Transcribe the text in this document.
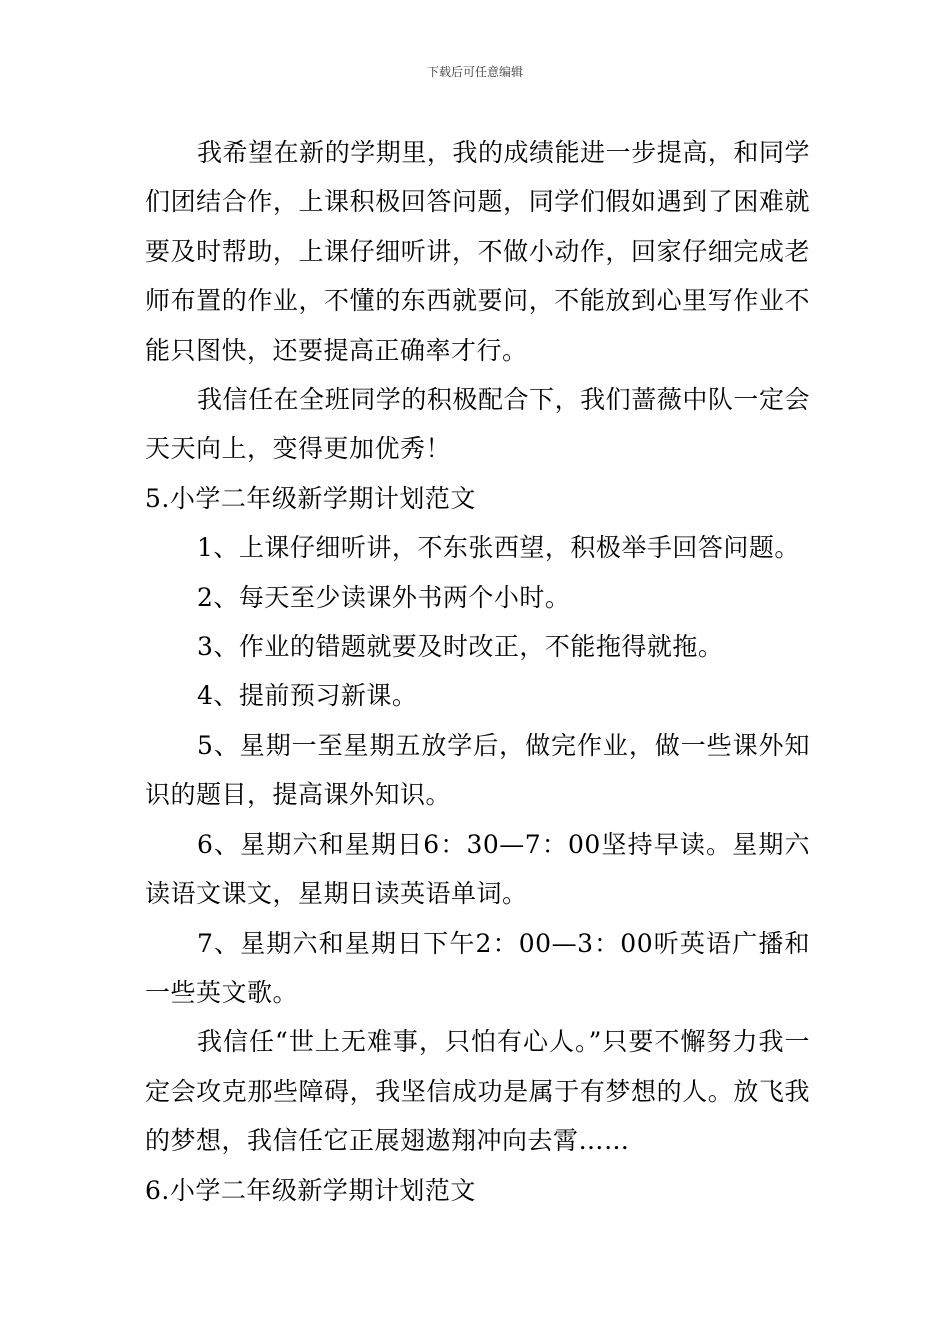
下载后可任意编辑

我希望在新的学期里，我的成绩能进一步提高，和同学们团结合作，上课积极回答问题，同学们假如遇到了困难就要及时帮助，上课仔细听讲，不做小动作，回家仔细完成老师布置的作业，不懂的东西就要问，不能放到心里写作业不能只图快，还要提高正确率才行。

我信任在全班同学的积极配合下，我们蔷薇中队一定会天天向上，变得更加优秀！

5.小学二年级新学期计划范文

1、上课仔细听讲，不东张西望，积极举手回答问题。

2、每天至少读课外书两个小时。

3、作业的错题就要及时改正，不能拖得就拖。

4、提前预习新课。

5、星期一至星期五放学后，做完作业，做一些课外知识的题目，提高课外知识。

6、星期六和星期日6：30—7：00坚持早读。星期六读语文课文，星期日读英语单词。

7、星期六和星期日下午2：00—3：00听英语广播和一些英文歌。

我信任“世上无难事，只怕有心人。”只要不懈努力我一定会攻克那些障碍，我坚信成功是属于有梦想的人。放飞我的梦想，我信任它正展翅遨翔冲向去霄……

6.小学二年级新学期计划范文
